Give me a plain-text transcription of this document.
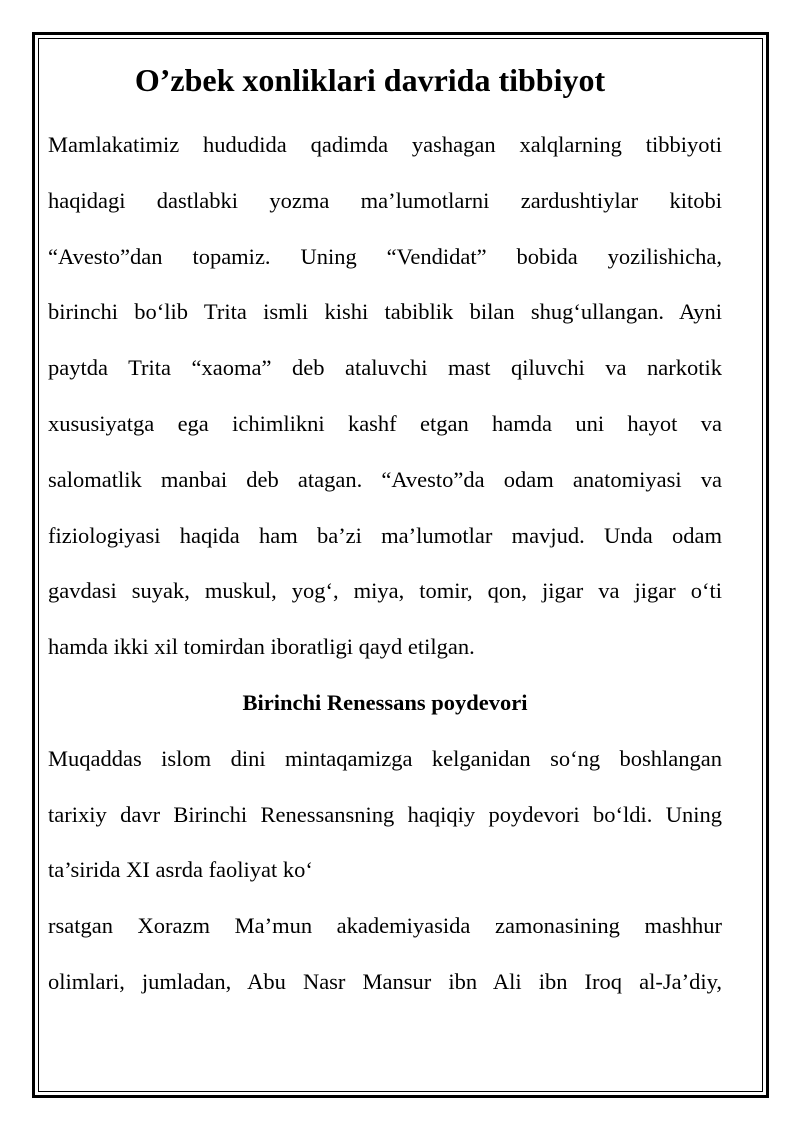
O’zbek xonliklari davrida tibbiyot
Mamlakatimiz hududida qadimda yashagan xalqlarning tibbiyoti
haqidagi dastlabki yozma ma’lumotlarni zardushtiylar kitobi
“Avesto”dan topamiz. Uning “Vendidat” bobida yozilishicha,
birinchi bo‘lib Trita ismli kishi tabiblik bilan shug‘ullangan. Ayni
paytda Trita “xaoma” deb ataluvchi mast qiluvchi va narkotik
xususiyatga ega ichimlikni kashf etgan hamda uni hayot va
salomatlik manbai deb atagan. “Avesto”da odam anatomiyasi va
fiziologiyasi haqida ham ba’zi ma’lumotlar mavjud. Unda odam
gavdasi suyak, muskul, yog‘, miya, tomir, qon, jigar va jigar o‘ti
hamda ikki xil tomirdan iboratligi qayd etilgan.
Birinchi Renessans poydevori
Muqaddas islom dini mintaqamizga kelganidan so‘ng boshlangan
tarixiy davr Birinchi Renessansning haqiqiy poydevori bo‘ldi. Uning
ta’sirida XI asrda faoliyat ko‘
rsatgan Xorazm Ma’mun akademiyasida zamonasining mashhur
olimlari, jumladan, Abu Nasr Mansur ibn Ali ibn Iroq al-Ja’diy,
